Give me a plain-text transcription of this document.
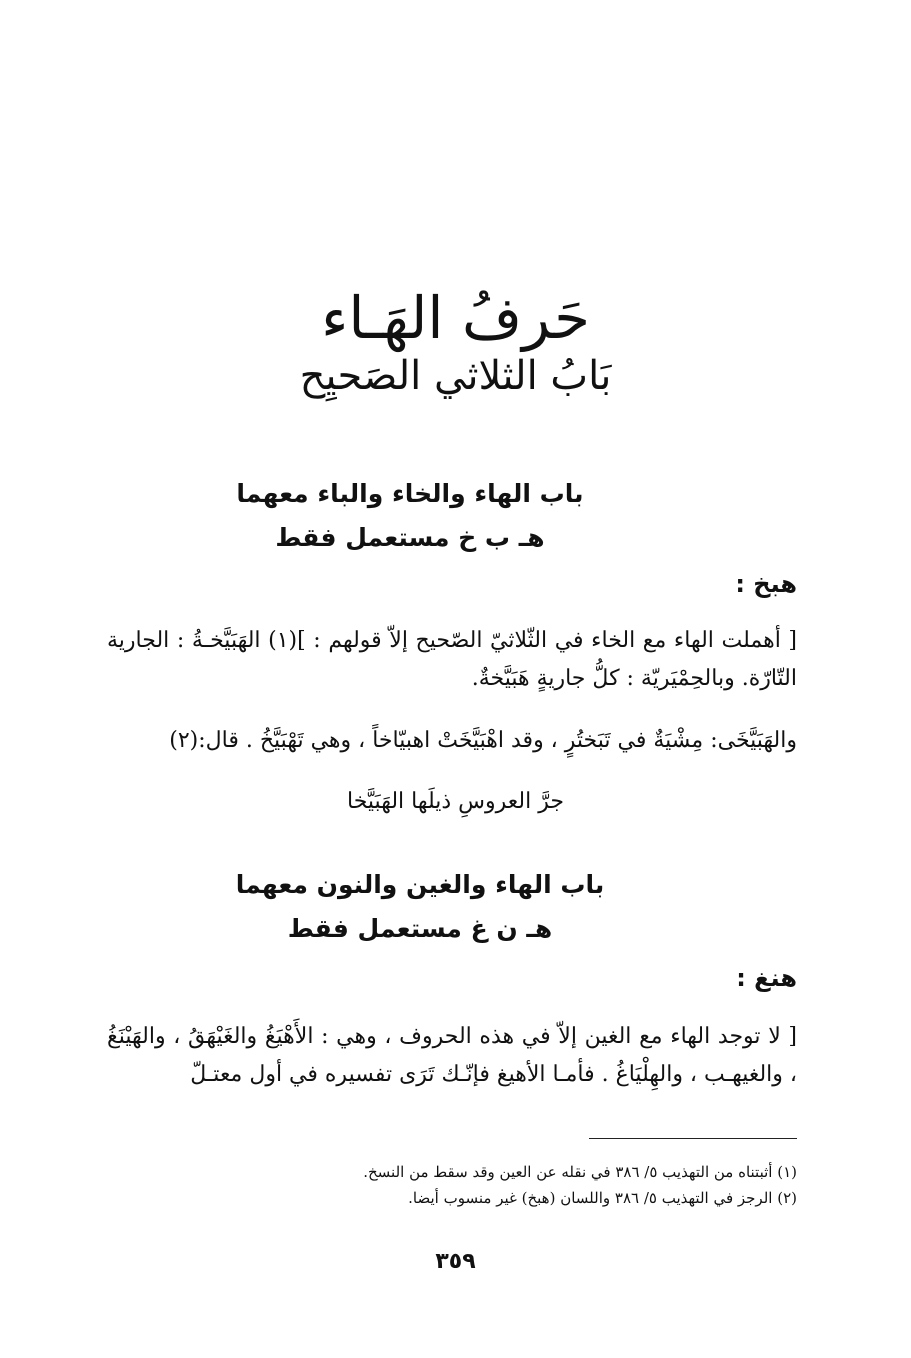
حَرفُ الهَـاء
بَابُ الثلاثي الصَحيِح
باب الهاء والخاء والباء معهما
هـ ب خ مستعمل فقط
هبخ :
[ أهملت الهاء مع الخاء في الثّلاثيّ الصّحيح إلاّ قولهم : ](١) الهَبَيَّخـةُ : الجارية التّارّة. وبالحِمْيَريّة : كلُّ جاريةٍ هَبَيَّخةٌ.
والهَبَيَّخَى: مِشْيَةٌ في تَبَختُرٍ ، وقد اهْبَيَّخَتْ اهبيّاخاً ، وهي تَهْبَيَّخُ . قال:(٢)
جرَّ العروسِ ذيلَها الهَبَيَّخا
باب الهاء والغين والنون معهما
هـ ن غ مستعمل فقط
هنغ :
[ لا توجد الهاء مع الغين إلاّ في هذه الحروف ، وهي : الأَهْيَغُ والغَيْهَقُ ، والهَيْنَغُ ، والغيهـب ، والهِلْيَاغُ . فأمـا الأهيغ فإنّـك تَرَى تفسيره في أول معتـلّ
(١) أثبتناه من التهذيب ٥/ ٣٨٦ في نقله عن العين وقد سقط من النسخ.
(٢) الرجز في التهذيب ٥/ ٣٨٦ واللسان (هبخ) غير منسوب أيضا.
٣٥٩
